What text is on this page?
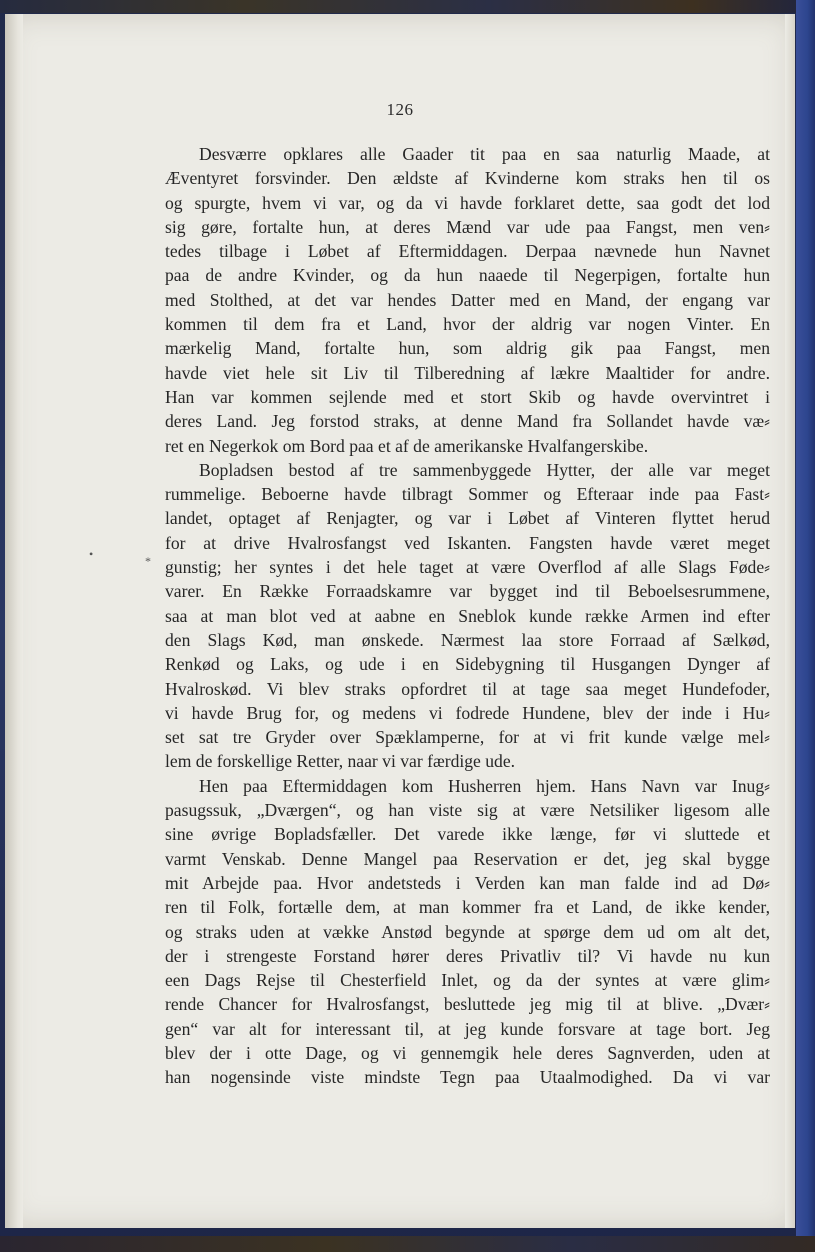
126
Desværre opklares alle Gaader tit paa en saa naturlig Maade, at
Æventyret forsvinder. Den ældste af Kvinderne kom straks hen til os
og spurgte, hvem vi var, og da vi havde forklaret dette, saa godt det lod
sig gøre, fortalte hun, at deres Mænd var ude paa Fangst, men ven⸗
tedes tilbage i Løbet af Eftermiddagen. Derpaa nævnede hun Navnet
paa de andre Kvinder, og da hun naaede til Negerpigen, fortalte hun
med Stolthed, at det var hendes Datter med en Mand, der engang var
kommen til dem fra et Land, hvor der aldrig var nogen Vinter. En
mærkelig Mand, fortalte hun, som aldrig gik paa Fangst, men
havde viet hele sit Liv til Tilberedning af lækre Maaltider for andre.
Han var kommen sejlende med et stort Skib og havde overvintret i
deres Land. Jeg forstod straks, at denne Mand fra Sollandet havde væ⸗
ret en Negerkok om Bord paa et af de amerikanske Hvalfangerskibe.
Bopladsen bestod af tre sammenbyggede Hytter, der alle var meget
rummelige. Beboerne havde tilbragt Sommer og Efteraar inde paa Fast⸗
landet, optaget af Renjagter, og var i Løbet af Vinteren flyttet herud
for at drive Hvalrosfangst ved Iskanten. Fangsten havde været meget
gunstig; her syntes i det hele taget at være Overflod af alle Slags Føde⸗
varer. En Række Forraadskamre var bygget ind til Beboelsesrummene,
saa at man blot ved at aabne en Sneblok kunde række Armen ind efter
den Slags Kød, man ønskede. Nærmest laa store Forraad af Sælkød,
Renkød og Laks, og ude i en Sidebygning til Husgangen Dynger af
Hvalroskød. Vi blev straks opfordret til at tage saa meget Hundefoder,
vi havde Brug for, og medens vi fodrede Hundene, blev der inde i Hu⸗
set sat tre Gryder over Spæklamperne, for at vi frit kunde vælge mel⸗
lem de forskellige Retter, naar vi var færdige ude.
Hen paa Eftermiddagen kom Husherren hjem. Hans Navn var Inug⸗
pasugssuk, „Dværgen“, og han viste sig at være Netsiliker ligesom alle
sine øvrige Bopladsfæller. Det varede ikke længe, før vi sluttede et
varmt Venskab. Denne Mangel paa Reservation er det, jeg skal bygge
mit Arbejde paa. Hvor andetsteds i Verden kan man falde ind ad Dø⸗
ren til Folk, fortælle dem, at man kommer fra et Land, de ikke kender,
og straks uden at vække Anstød begynde at spørge dem ud om alt det,
der i strengeste Forstand hører deres Privatliv til? Vi havde nu kun
een Dags Rejse til Chesterfield Inlet, og da der syntes at være glim⸗
rende Chancer for Hvalrosfangst, besluttede jeg mig til at blive. „Dvær⸗
gen“ var alt for interessant til, at jeg kunde forsvare at tage bort. Jeg
blev der i otte Dage, og vi gennemgik hele deres Sagnverden, uden at
han nogensinde viste mindste Tegn paa Utaalmodighed. Da vi var
•	*
